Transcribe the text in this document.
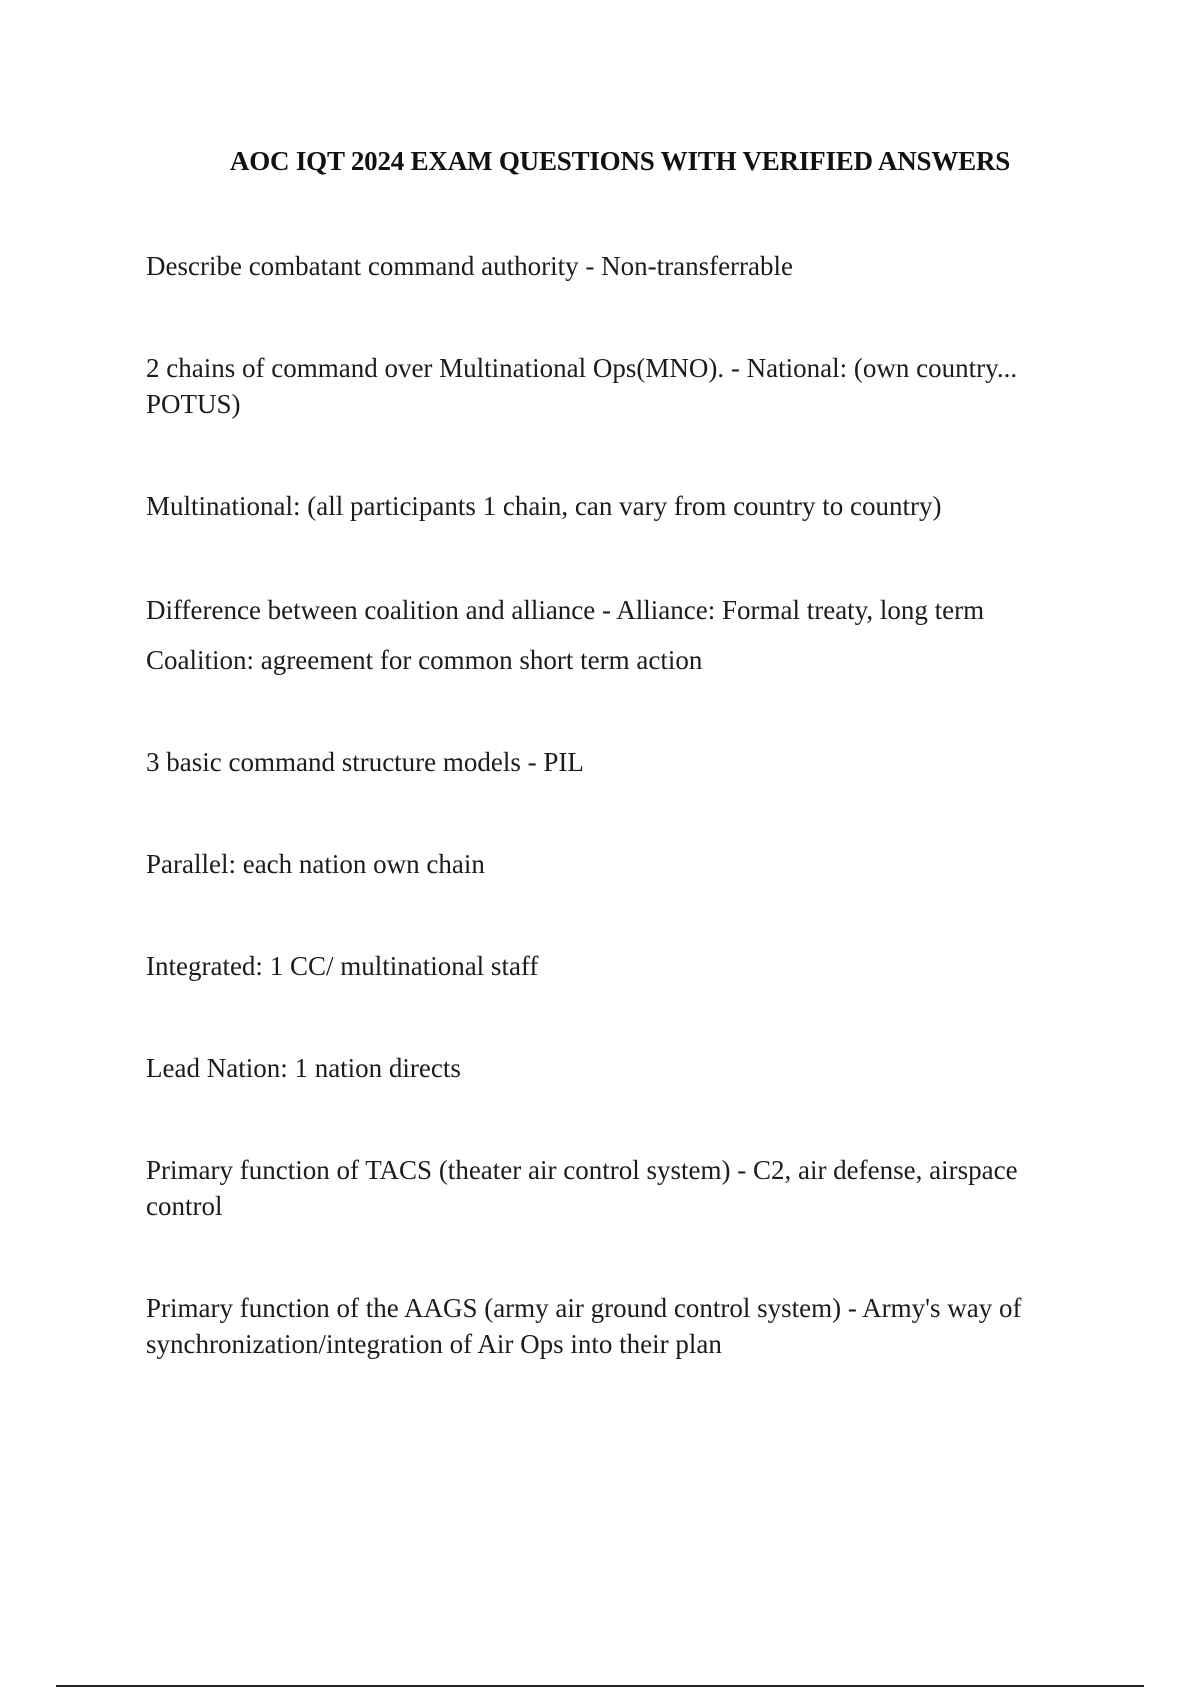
AOC IQT 2024 EXAM QUESTIONS WITH VERIFIED ANSWERS
Describe combatant command authority - Non-transferrable
2 chains of command over Multinational Ops(MNO). - National: (own country...
POTUS)
Multinational: (all participants 1 chain, can vary from country to country)
Difference between coalition and alliance - Alliance: Formal treaty, long term
Coalition: agreement for common short term action
3 basic command structure models - PIL
Parallel: each nation own chain
Integrated: 1 CC/ multinational staff
Lead Nation: 1 nation directs
Primary function of TACS (theater air control system) - C2, air defense, airspace
control
Primary function of the AAGS (army air ground control system) - Army's way of
synchronization/integration of Air Ops into their plan
